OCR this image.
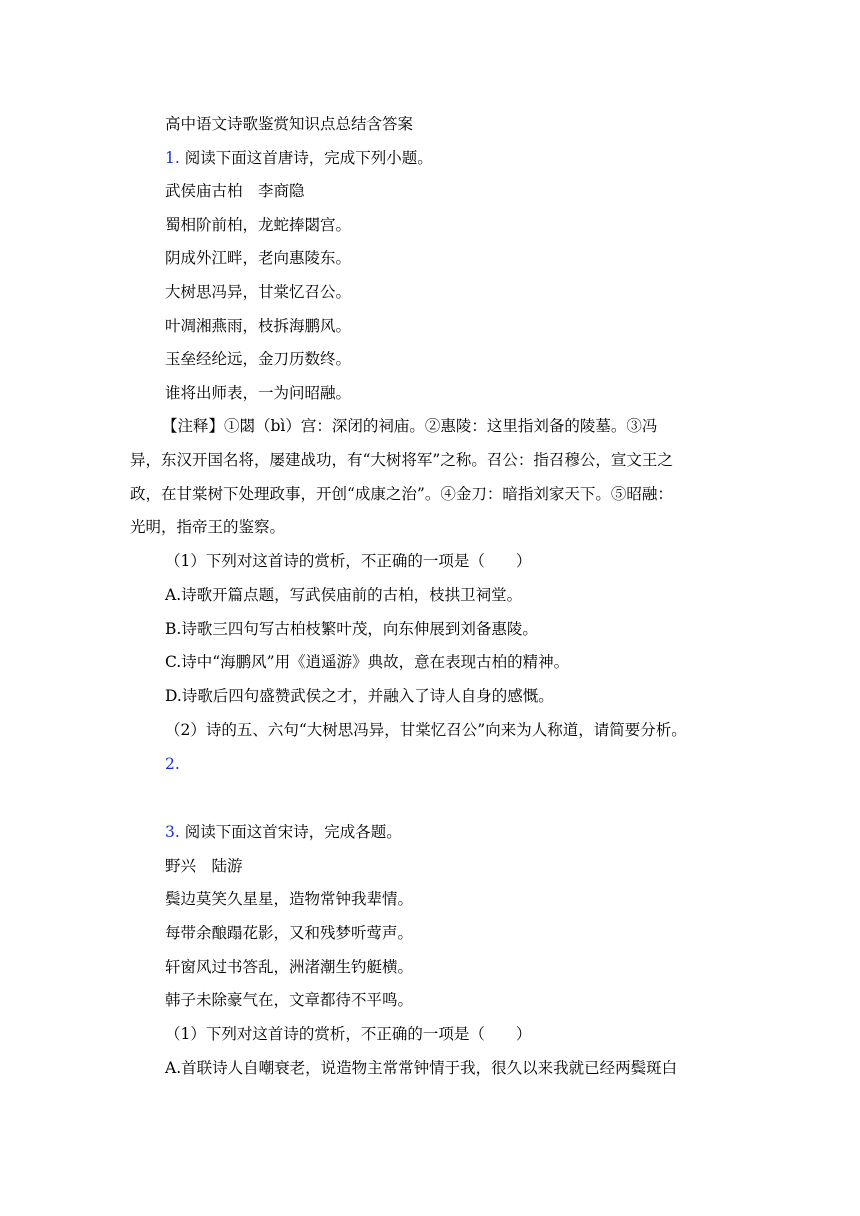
高中语文诗歌鉴赏知识点总结含答案
1. 阅读下面这首唐诗，完成下列小题。
武侯庙古柏　李商隐
蜀相阶前柏，龙蛇捧閟宫。
阴成外江畔，老向惠陵东。
大树思冯异，甘棠忆召公。
叶凋湘燕雨，枝拆海鹏风。
玉垒经纶远，金刀历数终。
谁将出师表，一为问昭融。
【注释】①閟（bì）宫：深闭的祠庙。②惠陵：这里指刘备的陵墓。③冯
异，东汉开国名将，屡建战功，有“大树将军”之称。召公：指召穆公，宣文王之
政，在甘棠树下处理政事，开创“成康之治”。④金刀：暗指刘家天下。⑤昭融：
光明，指帝王的鉴察。
（1）下列对这首诗的赏析，不正确的一项是（　　）
A.诗歌开篇点题，写武侯庙前的古柏，枝拱卫祠堂。
B.诗歌三四句写古柏枝繁叶茂，向东伸展到刘备惠陵。
C.诗中“海鹏风”用《逍遥游》典故，意在表现古柏的精神。
D.诗歌后四句盛赞武侯之才，并融入了诗人自身的感慨。
（2）诗的五、六句“大树思冯异，甘棠忆召公”向来为人称道，请简要分析。
2.
3. 阅读下面这首宋诗，完成各题。
野兴　陆游
鬓边莫笑久星星，造物常钟我辈情。
每带余酿蹋花影，又和残梦听莺声。
轩窗风过书答乱，洲渚潮生钓艇横。
韩子未除豪气在，文章都待不平鸣。
（1）下列对这首诗的赏析，不正确的一项是（　　）
A.首联诗人自嘲衰老，说造物主常常钟情于我，很久以来我就已经两鬓斑白
